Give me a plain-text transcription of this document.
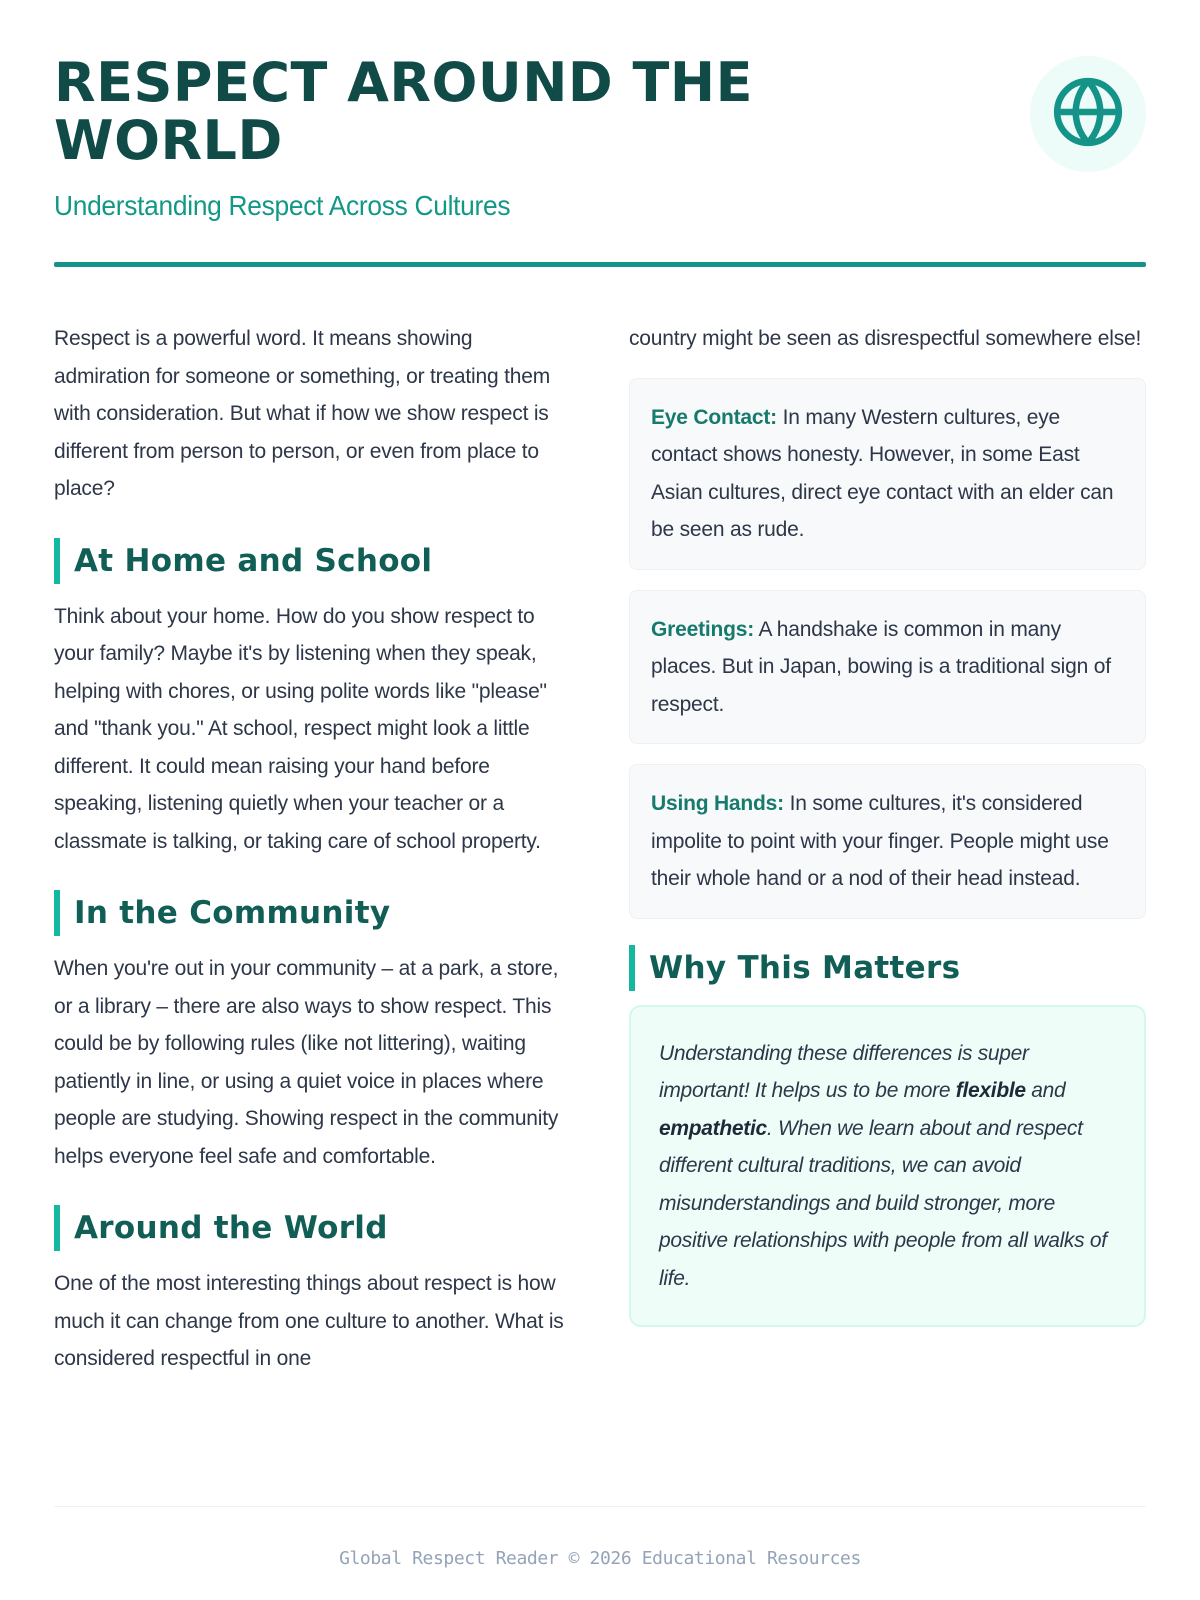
RESPECT AROUND THE WORLD
Understanding Respect Across Cultures

Respect is a powerful word. It means showing admiration for someone or something, or treating them with consideration. But what if how we show respect is different from person to person, or even from place to place?

At Home and School

Think about your home. How do you show respect to your family? Maybe it's by listening when they speak, helping with chores, or using polite words like "please" and "thank you." At school, respect might look a little different. It could mean raising your hand before speaking, listening quietly when your teacher or a classmate is talking, or taking care of school property.

In the Community

When you're out in your community – at a park, a store, or a library – there are also ways to show respect. This could be by following rules (like not littering), waiting patiently in line, or using a quiet voice in places where people are studying. Showing respect in the community helps everyone feel safe and comfortable.

Around the World

One of the most interesting things about respect is how much it can change from one culture to another. What is considered respectful in one

country might be seen as disrespectful somewhere else!

Eye Contact: In many Western cultures, eye contact shows honesty. However, in some East Asian cultures, direct eye contact with an elder can be seen as rude.

Greetings: A handshake is common in many places. But in Japan, bowing is a traditional sign of respect.

Using Hands: In some cultures, it's considered impolite to point with your finger. People might use their whole hand or a nod of their head instead.

Why This Matters

Understanding these differences is super important! It helps us to be more flexible and empathetic. When we learn about and respect different cultural traditions, we can avoid misunderstandings and build stronger, more positive relationships with people from all walks of life.

Global Respect Reader © 2026 Educational Resources
